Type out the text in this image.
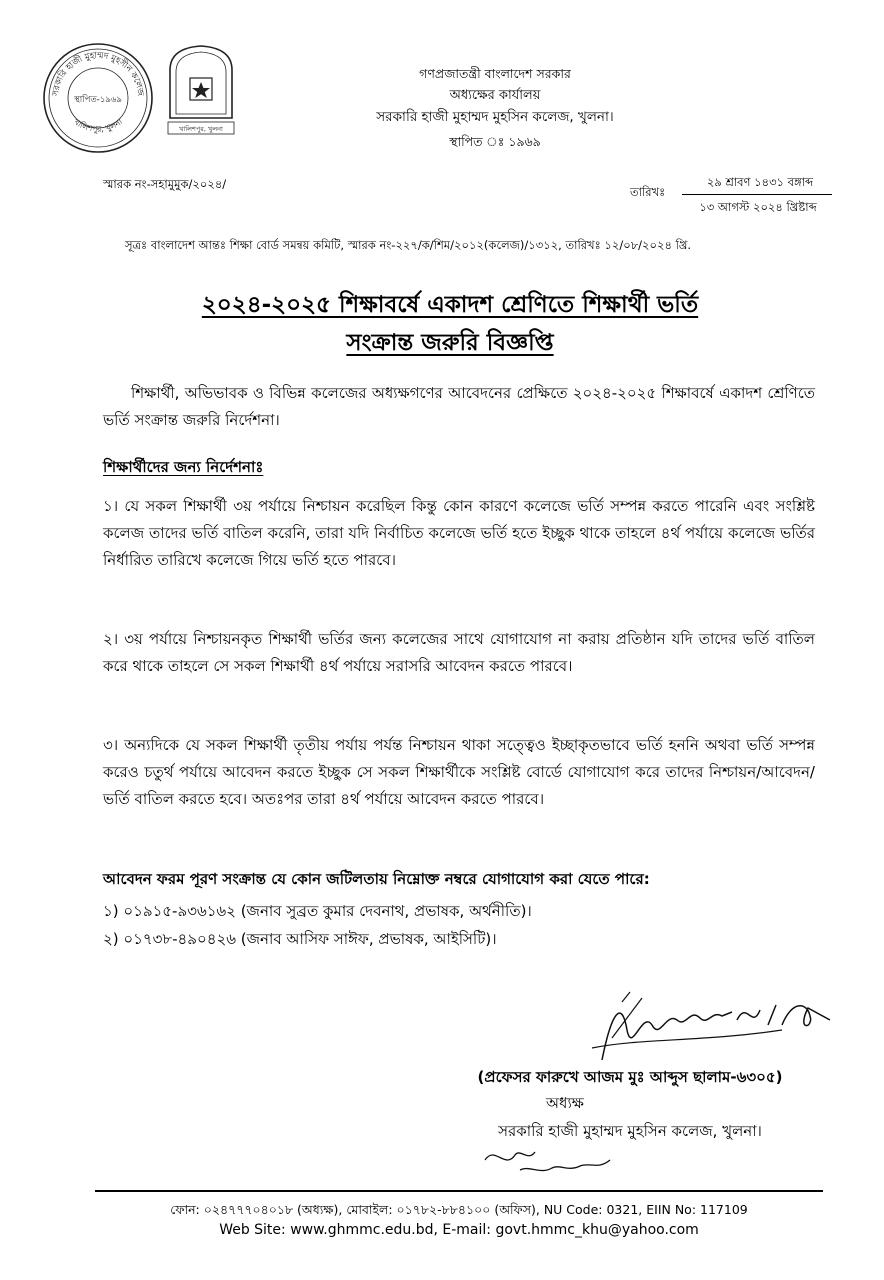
সরকারি হাজী মুহাম্মদ মুহসীন কলেজ
খালিশপুর, খুলনা
স্থাপিত-১৯৬৯
খালিশপুর, খুলনা
গণপ্রজাতন্ত্রী বাংলাদেশ সরকার
অধ্যক্ষের কার্যালয়
সরকারি হাজী মুহাম্মদ মুহসিন কলেজ, খুলনা।
স্থাপিত ঃ ১৯৬৯
স্মারক নং-সহামুমুক/২০২৪/
তারিখঃ
২৯ শ্রাবণ ১৪৩১ বঙ্গাব্দ
১৩ আগস্ট ২০২৪ খ্রিষ্টাব্দ
সূত্রঃ বাংলাদেশ আন্তঃ শিক্ষা বোর্ড সমন্বয় কমিটি, স্মারক নং-২২৭/ক/শিম/২০১২(কলেজ)/১৩১২, তারিখঃ ১২/০৮/২০২৪ খ্রি.
২০২৪-২০২৫ শিক্ষাবর্ষে একাদশ শ্রেণিতে শিক্ষার্থী ভর্তি
সংক্রান্ত জরুরি বিজ্ঞপ্তি
শিক্ষার্থী, অভিভাবক ও বিভিন্ন কলেজের অধ্যক্ষগণের আবেদনের প্রেক্ষিতে ২০২৪-২০২৫ শিক্ষাবর্ষে একাদশ শ্রেণিতে ভর্তি সংক্রান্ত জরুরি নির্দেশনা।
শিক্ষার্থীদের জন্য নির্দেশনাঃ
১। যে সকল শিক্ষার্থী ৩য় পর্যায়ে নিশ্চায়ন করেছিল কিন্তু কোন কারণে কলেজে ভর্তি সম্পন্ন করতে পারেনি এবং সংশ্লিষ্ট কলেজ তাদের ভর্তি বাতিল করেনি, তারা যদি নির্বাচিত কলেজে ভর্তি হতে ইচ্ছুক থাকে তাহলে ৪র্থ পর্যায়ে কলেজে ভর্তির নির্ধারিত তারিখে কলেজে গিয়ে ভর্তি হতে পারবে।
২। ৩য় পর্যায়ে নিশ্চায়নকৃত শিক্ষার্থী ভর্তির জন্য কলেজের সাথে যোগাযোগ না করায় প্রতিষ্ঠান যদি তাদের ভর্তি বাতিল করে থাকে তাহলে সে সকল শিক্ষার্থী ৪র্থ পর্যায়ে সরাসরি আবেদন করতে পারবে।
৩। অন্যদিকে যে সকল শিক্ষার্থী তৃতীয় পর্যায় পর্যন্ত নিশ্চায়ন থাকা সত্ত্বেও ইচ্ছাকৃতভাবে ভর্তি হননি অথবা ভর্তি সম্পন্ন করেও চতুর্থ পর্যায়ে আবেদন করতে ইচ্ছুক সে সকল শিক্ষার্থীকে সংশ্লিষ্ট বোর্ডে যোগাযোগ করে তাদের নিশ্চায়ন/আবেদন/ভর্তি বাতিল করতে হবে। অতঃপর তারা ৪র্থ পর্যায়ে আবেদন করতে পারবে।
আবেদন ফরম পূরণ সংক্রান্ত যে কোন জটিলতায় নিম্নোক্ত নম্বরে যোগাযোগ করা যেতে পারে:
১) ০১৯১৫-৯৩৬১৬২ (জনাব সুব্রত কুমার দেবনাথ, প্রভাষক, অর্থনীতি)।
২) ০১৭৩৮-৪৯০৪২৬ (জনাব আসিফ সাঈফ, প্রভাষক, আইসিটি)।
(প্রফেসর ফারুখে আজম মুঃ আব্দুস ছালাম-৬৩০৫)
অধ্যক্ষ
সরকারি হাজী মুহাম্মদ মুহসিন কলেজ, খুলনা।
ফোন: ০২৪৭৭৭০৪০১৮ (অধ্যক্ষ), মোবাইল: ০১৭৮২-৮৮৪১০০ (অফিস), NU Code: 0321, EIIN No: 117109
Web Site: www.ghmmc.edu.bd, E-mail: govt.hmmc_khu@yahoo.com
